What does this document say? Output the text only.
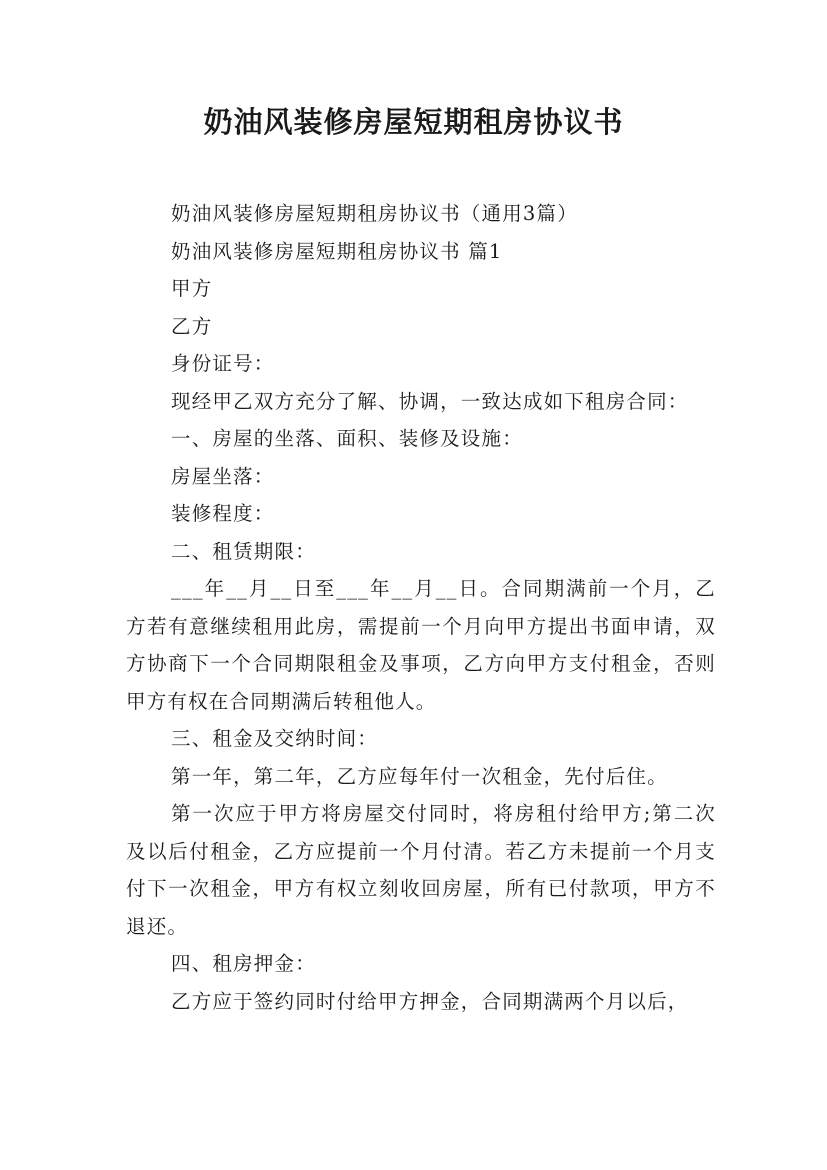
奶油风装修房屋短期租房协议书

奶油风装修房屋短期租房协议书（通用3篇）

奶油风装修房屋短期租房协议书 篇1

甲方

乙方

身份证号：

现经甲乙双方充分了解、协调，一致达成如下租房合同：

一、房屋的坐落、面积、装修及设施：

房屋坐落：

装修程度：

二、租赁期限：

___年__月__日至___年__月__日。合同期满前一个月，乙方若有意继续租用此房，需提前一个月向甲方提出书面申请，双方协商下一个合同期限租金及事项，乙方向甲方支付租金，否则甲方有权在合同期满后转租他人。

三、租金及交纳时间：

第一年，第二年，乙方应每年付一次租金，先付后住。

第一次应于甲方将房屋交付同时，将房租付给甲方;第二次及以后付租金，乙方应提前一个月付清。若乙方未提前一个月支付下一次租金，甲方有权立刻收回房屋，所有已付款项，甲方不退还。

四、租房押金：

乙方应于签约同时付给甲方押金，合同期满两个月以后，
